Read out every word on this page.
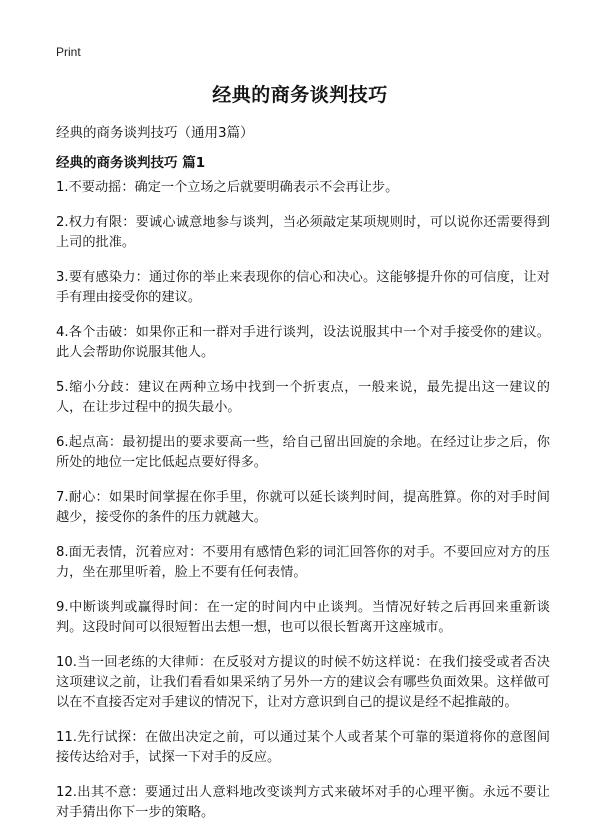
Print
经典的商务谈判技巧

经典的商务谈判技巧（通用3篇）

经典的商务谈判技巧 篇1
1.不要动摇：确定一个立场之后就要明确表示不会再让步。
2.权力有限：要诚心诚意地参与谈判，当必须敲定某项规则时，可以说你还需要得到上司的批准。
3.要有感染力：通过你的举止来表现你的信心和决心。这能够提升你的可信度，让对手有理由接受你的建议。
4.各个击破：如果你正和一群对手进行谈判，设法说服其中一个对手接受你的建议。此人会帮助你说服其他人。
5.缩小分歧：建议在两种立场中找到一个折衷点，一般来说，最先提出这一建议的人，在让步过程中的损失最小。
6.起点高：最初提出的要求要高一些，给自己留出回旋的余地。在经过让步之后，你所处的地位一定比低起点要好得多。
7.耐心：如果时间掌握在你手里，你就可以延长谈判时间，提高胜算。你的对手时间越少，接受你的条件的压力就越大。
8.面无表情，沉着应对：不要用有感情色彩的词汇回答你的对手。不要回应对方的压力，坐在那里听着，脸上不要有任何表情。
9.中断谈判或赢得时间：在一定的时间内中止谈判。当情况好转之后再回来重新谈判。这段时间可以很短暂出去想一想，也可以很长暂离开这座城市。
10.当一回老练的大律师：在反驳对方提议的时候不妨这样说：在我们接受或者否决这项建议之前，让我们看看如果采纳了另外一方的建议会有哪些负面效果。这样做可以在不直接否定对手建议的情况下，让对方意识到自己的提议是经不起推敲的。
11.先行试探：在做出决定之前，可以通过某个人或者某个可靠的渠道将你的意图间接传达给对手，试探一下对手的反应。
12.出其不意：要通过出人意料地改变谈判方式来破坏对手的心理平衡。永远不要让对手猜出你下一步的策略。
